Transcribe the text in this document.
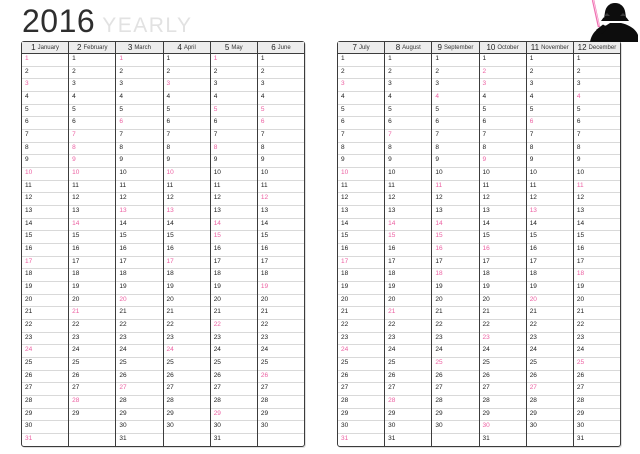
2016 YEARLY
1 January
1
2
3
4
5
6
7
8
9
10
11
12
13
14
15
16
17
18
19
20
21
22
23
24
25
26
27
28
29
30
31
2 February
1
2
3
4
5
6
7
8
9
10
11
12
13
14
15
16
17
18
19
20
21
22
23
24
25
26
27
28
29
3 March
1
2
3
4
5
6
7
8
9
10
11
12
13
14
15
16
17
18
19
20
21
22
23
24
25
26
27
28
29
30
31
4 April
1
2
3
4
5
6
7
8
9
10
11
12
13
14
15
16
17
18
19
20
21
22
23
24
25
26
27
28
29
30
5 May
1
2
3
4
5
6
7
8
9
10
11
12
13
14
15
16
17
18
19
20
21
22
23
24
25
26
27
28
29
30
31
6 June
1
2
3
4
5
6
7
8
9
10
11
12
13
14
15
16
17
18
19
20
21
22
23
24
25
26
27
28
29
30
7 July
1
2
3
4
5
6
7
8
9
10
11
12
13
14
15
16
17
18
19
20
21
22
23
24
25
26
27
28
29
30
31
8 August
1
2
3
4
5
6
7
8
9
10
11
12
13
14
15
16
17
18
19
20
21
22
23
24
25
26
27
28
29
30
31
9 September
1
2
3
4
5
6
7
8
9
10
11
12
13
14
15
16
17
18
19
20
21
22
23
24
25
26
27
28
29
30
10 October
1
2
3
4
5
6
7
8
9
10
11
12
13
14
15
16
17
18
19
20
21
22
23
24
25
26
27
28
29
30
31
11 November
1
2
3
4
5
6
7
8
9
10
11
12
13
14
15
16
17
18
19
20
21
22
23
24
25
26
27
28
29
30
12 December
1
2
3
4
5
6
7
8
9
10
11
12
13
14
15
16
17
18
19
20
21
22
23
24
25
26
27
28
29
30
31
